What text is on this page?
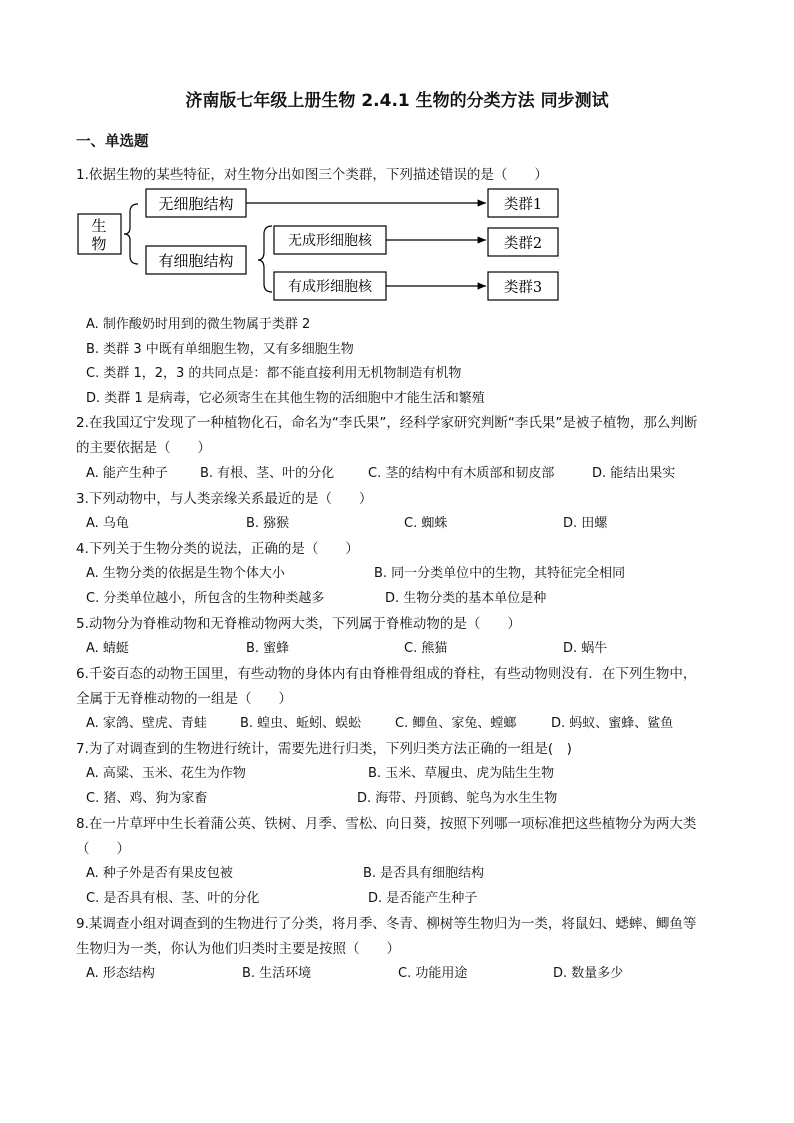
济南版七年级上册生物 2.4.1 生物的分类方法 同步测试
一、单选题
1.依据生物的某些特征，对生物分出如图三个类群，下列描述错误的是（　　）
生
物
无细胞结构
有细胞结构
无成形细胞核
有成形细胞核
类群1
类群2
类群3
A. 制作酸奶时用到的微生物属于类群 2
B. 类群 3 中既有单细胞生物，又有多细胞生物
C. 类群 1，2，3 的共同点是：都不能直接利用无机物制造有机物
D. 类群 1 是病毒，它必须寄生在其他生物的活细胞中才能生活和繁殖
2.在我国辽宁发现了一种植物化石，命名为“李氏果”，经科学家研究判断“李氏果”是被子植物，那么判断
的主要依据是（　　）
A. 能产生种子 B. 有根、茎、叶的分化	C. 茎的结构中有木质部和韧皮部	D. 能结出果实
3.下列动物中，与人类亲缘关系最近的是（　　）
A. 乌龟	B. 猕猴	C. 蜘蛛	D. 田螺
4.下列关于生物分类的说法，正确的是（　　）
A. 生物分类的依据是生物个体大小	B. 同一分类单位中的生物，其特征完全相同
C. 分类单位越小，所包含的生物种类越多	D. 生物分类的基本单位是种
5.动物分为脊椎动物和无脊椎动物两大类，下列属于脊椎动物的是（　　）
A. 蜻蜓	B. 蜜蜂	C. 熊猫	D. 蜗牛
6.千姿百态的动物王国里，有些动物的身体内有由脊椎骨组成的脊柱，有些动物则没有．在下列生物中，
全属于无脊椎动物的一组是（　　）
A. 家鸽、壁虎、青蛙	B. 蝗虫、蚯蚓、蜈蚣	C. 鲫鱼、家兔、螳螂	D. 蚂蚁、蜜蜂、鲨鱼
7.为了对调查到的生物进行统计，需要先进行归类，下列归类方法正确的一组是(　)
A. 高粱、玉米、花生为作物	B. 玉米、草履虫、虎为陆生生物
C. 猪、鸡、狗为家畜	D. 海带、丹顶鹤、鸵鸟为水生生物
8.在一片草坪中生长着蒲公英、铁树、月季、雪松、向日葵，按照下列哪一项标准把这些植物分为两大类
（　　）
A. 种子外是否有果皮包被	B. 是否具有细胞结构
C. 是否具有根、茎、叶的分化	D. 是否能产生种子
9.某调查小组对调查到的生物进行了分类，将月季、冬青、柳树等生物归为一类，将鼠妇、蟋蟀、鲫鱼等
生物归为一类，你认为他们归类时主要是按照（　　）
A. 形态结构	B. 生活环境	C. 功能用途	D. 数量多少
